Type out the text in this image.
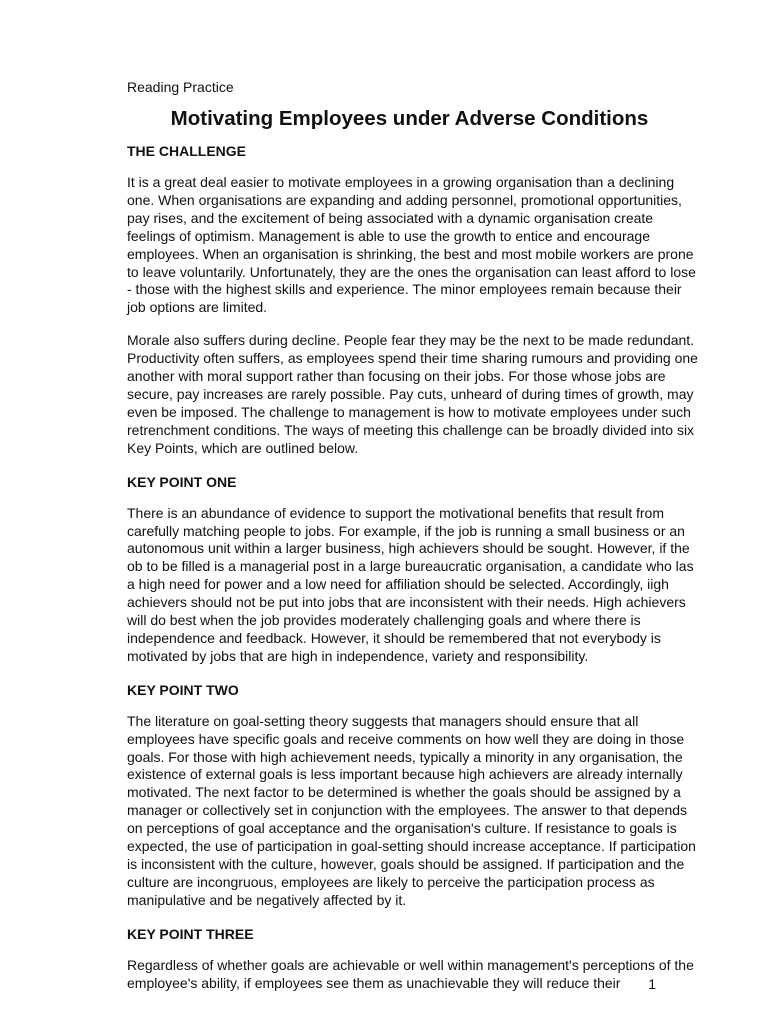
Reading Practice
Motivating Employees under Adverse Conditions
THE CHALLENGE

It is a great deal easier to motivate employees in a growing organisation than a declining one. When organisations are expanding and adding personnel, promotional opportunities, pay rises, and the excitement of being associated with a dynamic organisation create feelings of optimism. Management is able to use the growth to entice and encourage employees. When an organisation is shrinking, the best and most mobile workers are prone to leave voluntarily. Unfortunately, they are the ones the organisation can least afford to lose - those with the highest skills and experience. The minor employees remain because their job options are limited.

Morale also suffers during decline. People fear they may be the next to be made redundant. Productivity often suffers, as employees spend their time sharing rumours and providing one another with moral support rather than focusing on their jobs. For those whose jobs are secure, pay increases are rarely possible. Pay cuts, unheard of during times of growth, may even be imposed. The challenge to management is how to motivate employees under such retrenchment conditions. The ways of meeting this challenge can be broadly divided into six Key Points, which are outlined below.

KEY POINT ONE

There is an abundance of evidence to support the motivational benefits that result from carefully matching people to jobs. For example, if the job is running a small business or an autonomous unit within a larger business, high achievers should be sought. However, if the ob to be filled is a managerial post in a large bureaucratic organisation, a candidate who las a high need for power and a low need for affiliation should be selected. Accordingly, iigh achievers should not be put into jobs that are inconsistent with their needs. High achievers will do best when the job provides moderately challenging goals and where there is independence and feedback. However, it should be remembered that not everybody is motivated by jobs that are high in independence, variety and responsibility.

KEY POINT TWO

The literature on goal-setting theory suggests that managers should ensure that all employees have specific goals and receive comments on how well they are doing in those goals. For those with high achievement needs, typically a minority in any organisation, the existence of external goals is less important because high achievers are already internally motivated. The next factor to be determined is whether the goals should be assigned by a manager or collectively set in conjunction with the employees. The answer to that depends on perceptions of goal acceptance and the organisation's culture. If resistance to goals is expected, the use of participation in goal-setting should increase acceptance. If participation is inconsistent with the culture, however, goals should be assigned. If participation and the culture are incongruous, employees are likely to perceive the participation process as manipulative and be negatively affected by it.

KEY POINT THREE

Regardless of whether goals are achievable or well within management's perceptions of the employee's ability, if employees see them as unachievable they will reduce their	1
